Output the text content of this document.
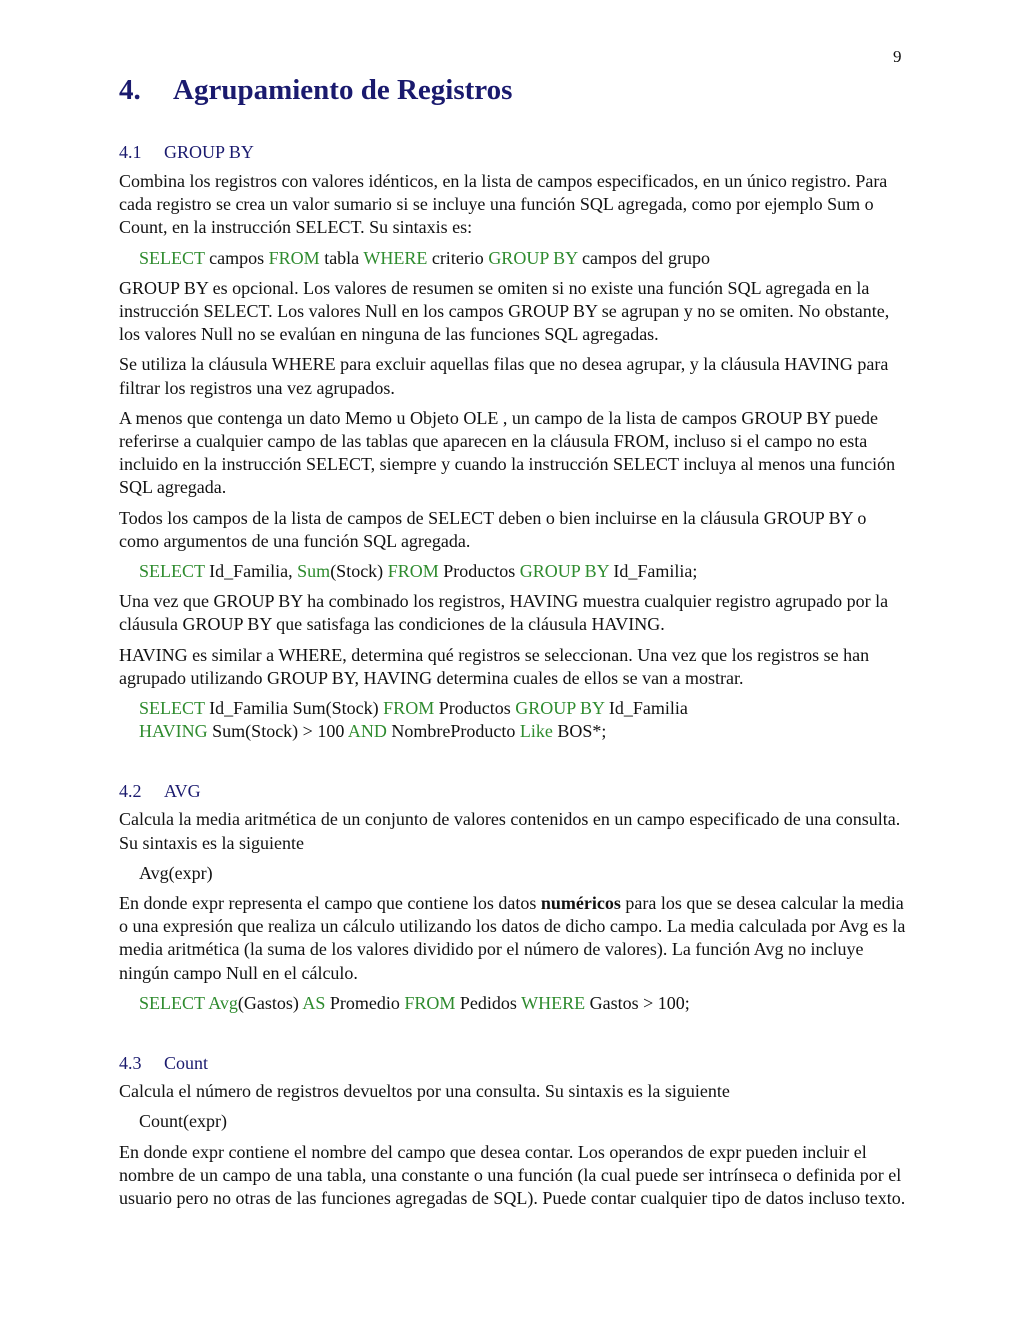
9
4. Agrupamiento de Registros
4.1 GROUP BY

Combina los registros con valores idénticos, en la lista de campos especificados, en un único registro. Para cada registro se crea un valor sumario si se incluye una función SQL agregada, como por ejemplo Sum o Count, en la instrucción SELECT. Su sintaxis es:

SELECT campos FROM tabla WHERE criterio GROUP BY campos del grupo

GROUP BY es opcional. Los valores de resumen se omiten si no existe una función SQL agregada en la instrucción SELECT. Los valores Null en los campos GROUP BY se agrupan y no se omiten. No obstante, los valores Null no se evalúan en ninguna de las funciones SQL agregadas.

Se utiliza la cláusula WHERE para excluir aquellas filas que no desea agrupar, y la cláusula HAVING para filtrar los registros una vez agrupados.

A menos que contenga un dato Memo u Objeto OLE , un campo de la lista de campos GROUP BY puede referirse a cualquier campo de las tablas que aparecen en la cláusula FROM, incluso si el campo no esta incluido en la instrucción SELECT, siempre y cuando la instrucción SELECT incluya al menos una función SQL agregada.

Todos los campos de la lista de campos de SELECT deben o bien incluirse en la cláusula GROUP BY o como argumentos de una función SQL agregada.

SELECT Id_Familia, Sum(Stock) FROM Productos GROUP BY Id_Familia;

Una vez que GROUP BY ha combinado los registros, HAVING muestra cualquier registro agrupado por la cláusula GROUP BY que satisfaga las condiciones de la cláusula HAVING.

HAVING es similar a WHERE, determina qué registros se seleccionan. Una vez que los registros se han agrupado utilizando GROUP BY, HAVING determina cuales de ellos se van a mostrar.

SELECT Id_Familia Sum(Stock) FROM Productos GROUP BY Id_Familia
HAVING Sum(Stock) > 100 AND NombreProducto Like BOS*;
4.2 AVG

Calcula la media aritmética de un conjunto de valores contenidos en un campo especificado de una consulta. Su sintaxis es la siguiente

Avg(expr)

En donde expr representa el campo que contiene los datos numéricos para los que se desea calcular la media o una expresión que realiza un cálculo utilizando los datos de dicho campo. La media calculada por Avg es la media aritmética (la suma de los valores dividido por el número de valores). La función Avg no incluye ningún campo Null en el cálculo.

SELECT Avg(Gastos) AS Promedio FROM Pedidos WHERE Gastos > 100;
4.3 Count

Calcula el número de registros devueltos por una consulta. Su sintaxis es la siguiente

Count(expr)

En donde expr contiene el nombre del campo que desea contar. Los operandos de expr pueden incluir el nombre de un campo de una tabla, una constante o una función (la cual puede ser intrínseca o definida por el usuario pero no otras de las funciones agregadas de SQL). Puede contar cualquier tipo de datos incluso texto.
